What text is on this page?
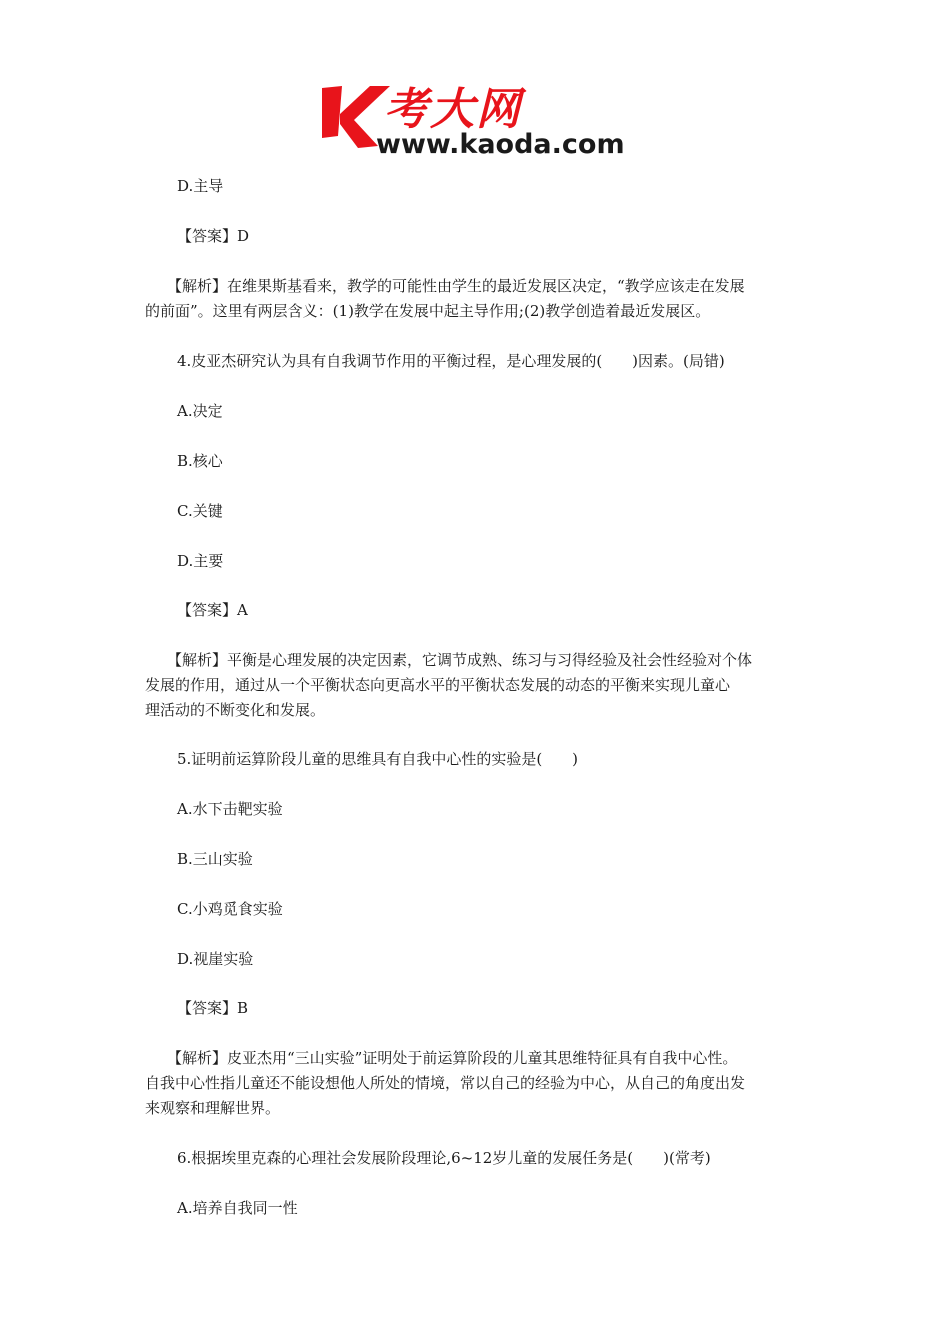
考大网
www.kaoda.com
D.主导
【答案】D

【解析】在维果斯基看来，教学的可能性由学生的最近发展区决定，“教学应该走在发展

的前面”。这里有两层含义：(1)教学在发展中起主导作用;(2)教学创造着最近发展区。

4.皮亚杰研究认为具有自我调节作用的平衡过程，是心理发展的(　　)因素。(局错)
A.决定
B.核心
C.关键
D.主要
【答案】A

【解析】平衡是心理发展的决定因素，它调节成熟、练习与习得经验及社会性经验对个体

发展的作用，通过从一个平衡状态向更高水平的平衡状态发展的动态的平衡来实现儿童心

理活动的不断变化和发展。

5.证明前运算阶段儿童的思维具有自我中心性的实验是(　　)
A.水下击靶实验
B.三山实验
C.小鸡觅食实验
D.视崖实验
【答案】B

【解析】皮亚杰用“三山实验”证明处于前运算阶段的儿童其思维特征具有自我中心性。

自我中心性指儿童还不能设想他人所处的情境，常以自己的经验为中心，从自己的角度出发

来观察和理解世界。

6.根据埃里克森的心理社会发展阶段理论,6~12岁儿童的发展任务是(　　)(常考)
A.培养自我同一性
